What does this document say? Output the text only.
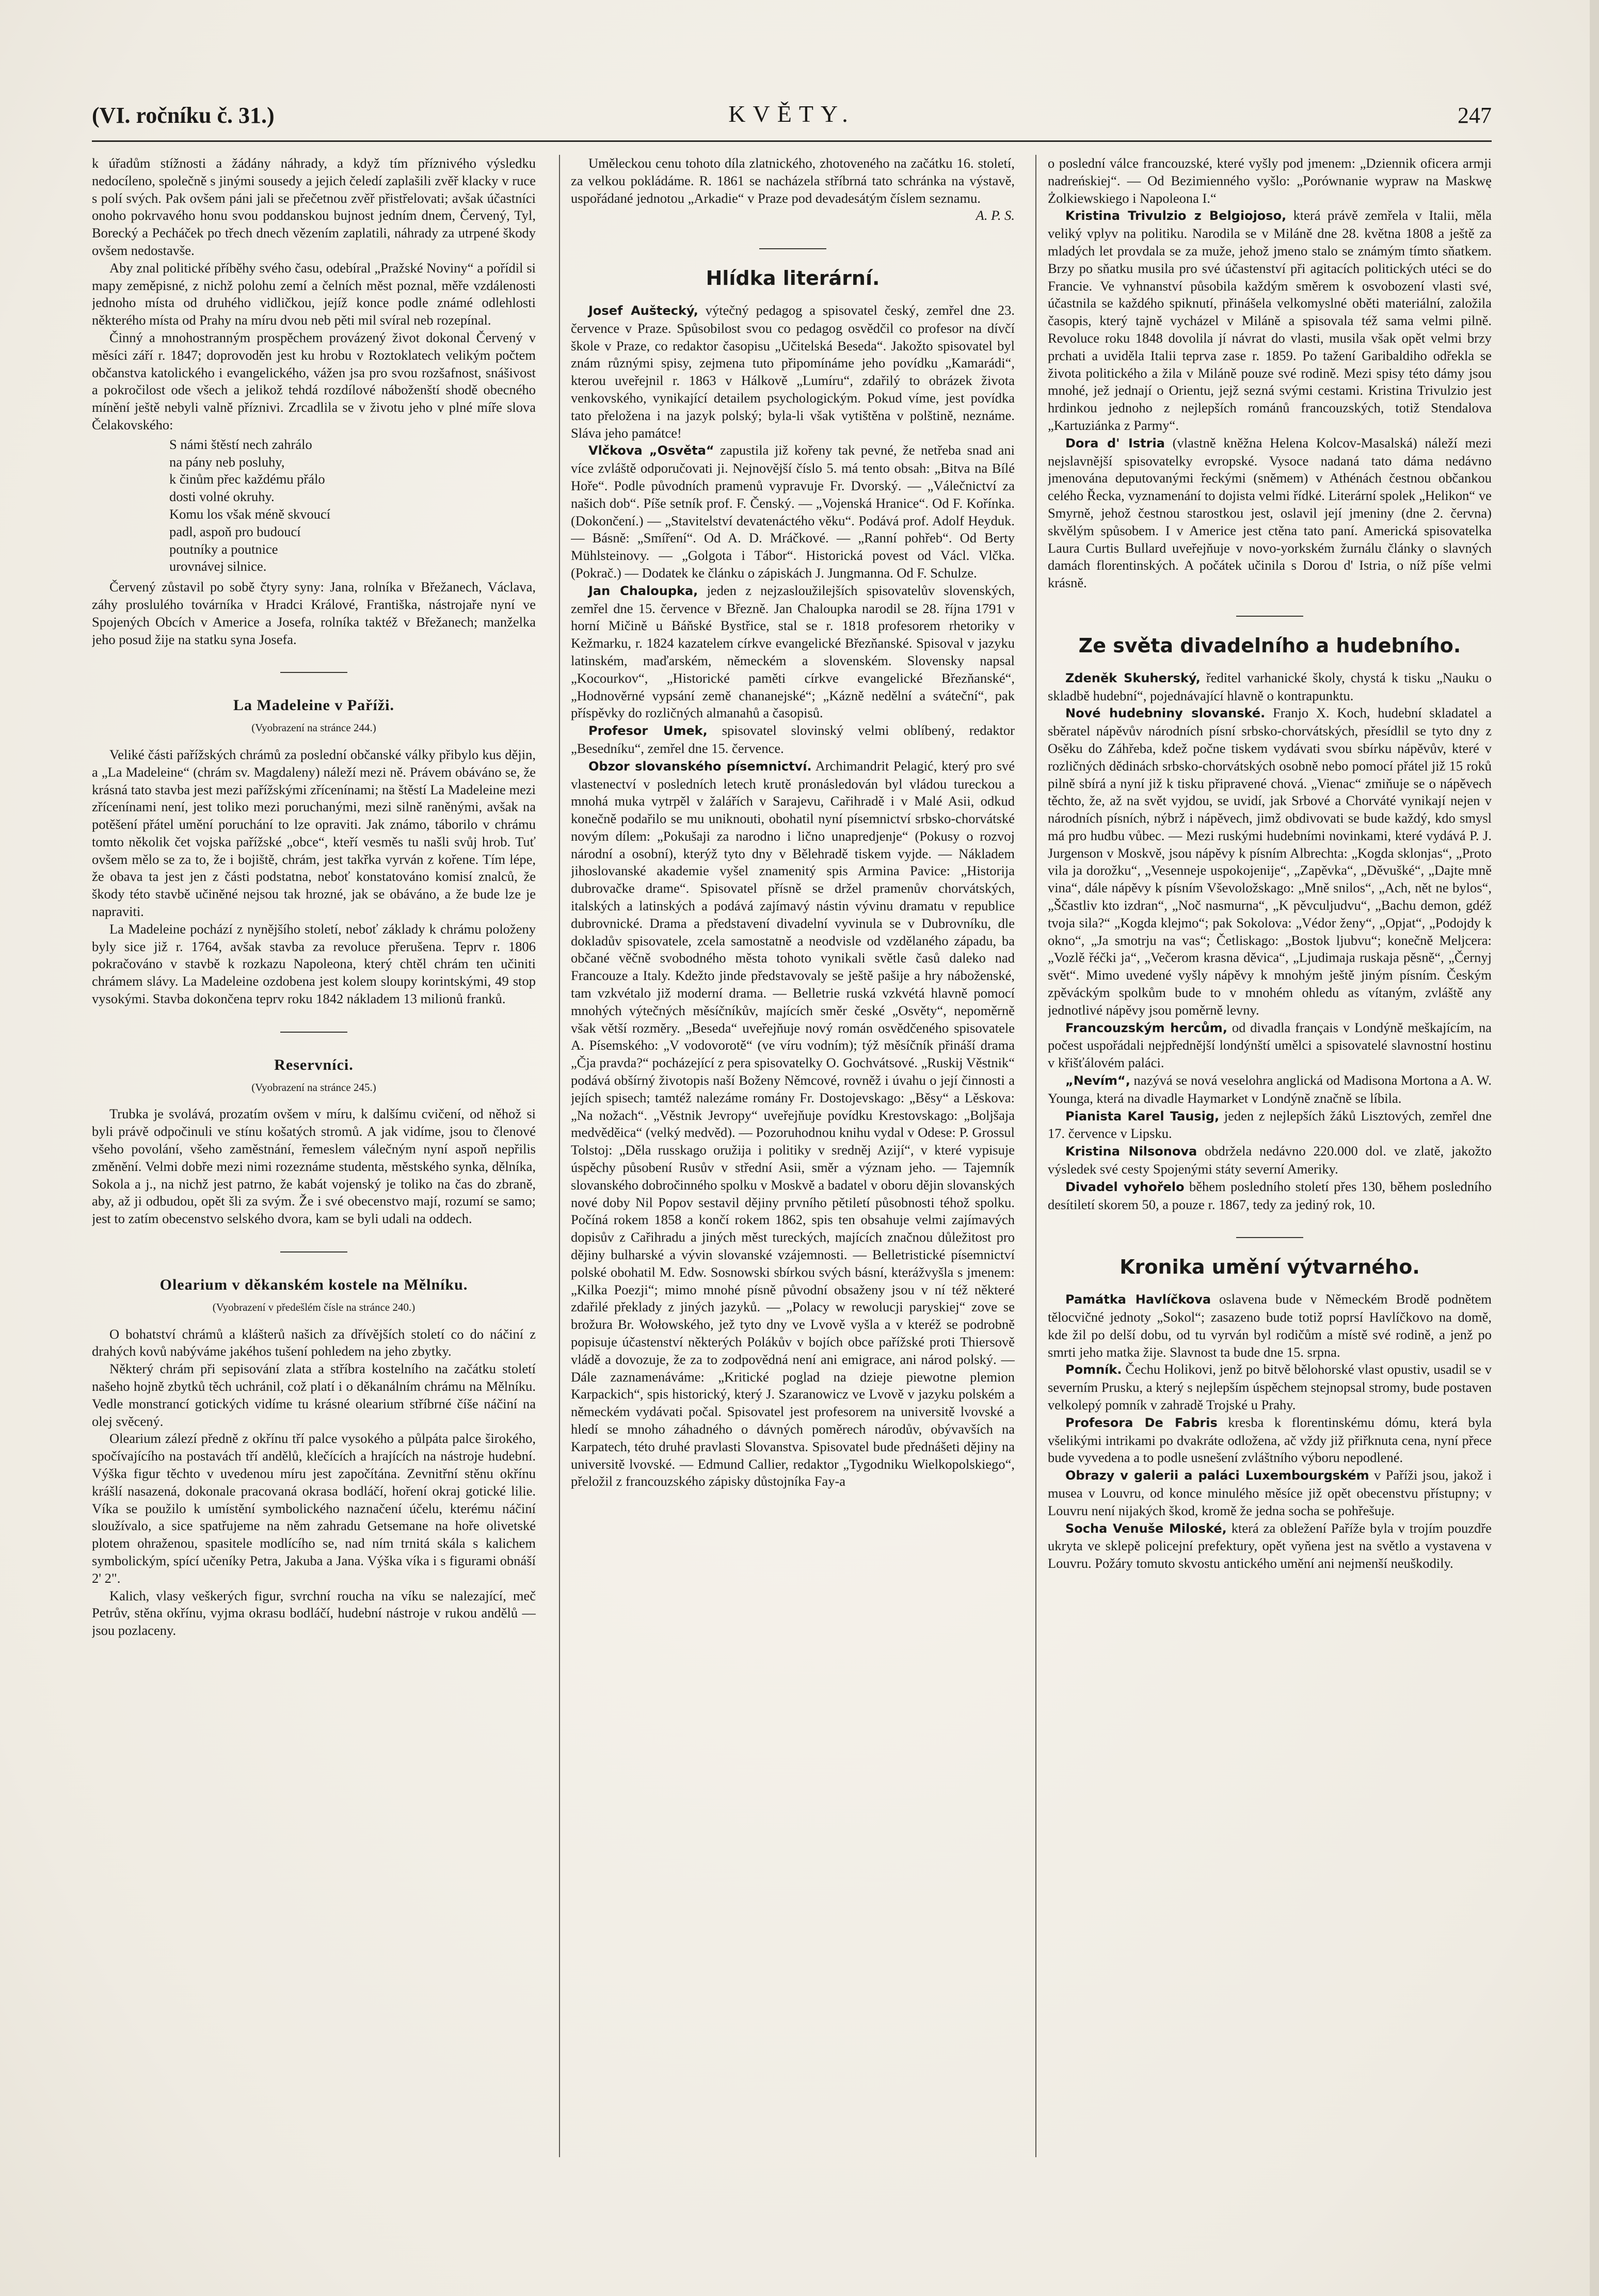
(VI. ročníku č. 31.)	KVĚTY.	247

k úřadům stížnosti a žádány náhrady, a když tím příznivého výsledku nedocíleno, společně s jinými sousedy a jejich čeledí zaplašili zvěř klacky v ruce s polí svých. Pak ovšem páni jali se přečetnou zvěř přistřelovati; avšak účastníci onoho pokrvavého honu svou poddanskou bujnost jedním dnem, Červený, Tyl, Borecký a Pecháček po třech dnech vězením zaplatili, náhrady za utrpené škody ovšem nedostavše.

Aby znal politické příběhy svého času, odebíral „Pražské Noviny“ a pořídil si mapy zeměpisné, z nichž polohu zemí a čelních měst poznal, měře vzdálenosti jednoho místa od druhého vidličkou, jejíž konce podle známé odlehlosti některého místa od Prahy na míru dvou neb pěti mil svíral neb rozepínal.

Činný a mnohostranným prospěchem provázený život dokonal Červený v měsíci září r. 1847; doprovoděn jest ku hrobu v Roztoklatech velikým počtem občanstva katolického i evangelického, vážen jsa pro svou rozšafnost, snášivost a pokročilost ode všech a jelikož tehdá rozdílové náboženští shodě obecného mínění ještě nebyli valně příznivi. Zrcadlila se v životu jeho v plné míře slova Čelakovského:

S námi štěstí nech zahrálo
na pány neb posluhy,
k činům přec každému přálo
dosti volné okruhy.
Komu los však méně skvoucí
padl, aspoň pro budoucí
poutníky a poutnice
urovnávej silnice.

Červený zůstavil po sobě čtyry syny: Jana, rolníka v Břežanech, Václava, záhy proslulého továrníka v Hradci Králové, Františka, nástrojaře nyní ve Spojených Obcích v Americe a Josefa, rolníka taktéž v Břežanech; manželka jeho posud žije na statku syna Josefa.

La Madeleine v Paříži.
(Vyobrazení na stránce 244.)

Veliké části pařížských chrámů za poslední občanské války přibylo kus dějin, a „La Madeleine“ (chrám sv. Magdaleny) náleží mezi ně. Právem obáváno se, že krásná tato stavba jest mezi pařížskými zřícenínami; na štěstí La Madeleine mezi zřícenínami není, jest toliko mezi poruchanými, mezi silně raněnými, avšak na potěšení přátel umění poruchání to lze opraviti. Jak známo, táborilo v chrámu tomto několik čet vojska pařížské „obce“, kteří vesměs tu našli svůj hrob. Tuť ovšem mělo se za to, že i bojiště, chrám, jest takřka vyrván z kořene. Tím lépe, že obava ta jest jen z části podstatna, neboť konstatováno komisí znalců, že škody této stavbě učiněné nejsou tak hrozné, jak se obáváno, a že bude lze je napraviti.

La Madeleine pochází z nynějšího století, neboť základy k chrámu položeny byly sice již r. 1764, avšak stavba za revoluce přerušena. Teprv r. 1806 pokračováno v stavbě k rozkazu Napoleona, který chtěl chrám ten učiniti chrámem slávy. La Madeleine ozdobena jest kolem sloupy korintskými, 49 stop vysokými. Stavba dokončena teprv roku 1842 nákladem 13 milionů franků.

Reservníci.
(Vyobrazení na stránce 245.)

Trubka je svolává, prozatím ovšem v míru, k dalšímu cvičení, od něhož si byli právě odpočinuli ve stínu košatých stromů. A jak vidíme, jsou to členové všeho povolání, všeho zaměstnání, řemeslem válečným nyní aspoň nepřilis změnění. Velmi dobře mezi nimi rozeznáme studenta, městského synka, dělníka, Sokola a j., na nichž jest patrno, že kabát vojenský je toliko na čas do zbraně, aby, až ji odbudou, opět šli za svým. Že i své obecenstvo mají, rozumí se samo; jest to zatím obecenstvo selského dvora, kam se byli udali na oddech.

Olearium v děkanském kostele na Mělníku.
(Vyobrazení v předešlém čísle na stránce 240.)

O bohatství chrámů a klášterů našich za dřívějších století co do náčiní z drahých kovů nabýváme jakéhos tušení pohledem na jeho zbytky.

Některý chrám při sepisování zlata a stříbra kostelního na začátku století našeho hojně zbytků těch uchránil, což platí i o děkanálním chrámu na Mělníku. Vedle monstrancí gotických vidíme tu krásné olearium stříbrné číše náčiní na olej svěcený.

Olearium zálezí předně z okřínu tří palce vysokého a půlpáta palce širokého, spočívajícího na postavách tří andělů, klečících a hrajících na nástroje hudební. Výška figur těchto v uvedenou míru jest započítána. Zevnitřní stěnu okřínu krášlí nasazená, dokonale pracovaná okrasa bodláčí, hoření okraj gotické lilie. Víka se použilo k umístění symbolického naznačení účelu, kterému náčiní sloužívalo, a sice spatřujeme na něm zahradu Getsemane na hoře olivetské plotem ohraženou, spasitele modlícího se, nad ním trnitá skála s kalichem symbolickým, spící učeníky Petra, Jakuba a Jana. Výška víka i s figurami obnáší 2' 2".

Kalich, vlasy veškerých figur, svrchní roucha na víku se nalezající, meč Petrův, stěna okřínu, vyjma okrasu bodláčí, hudební nástroje v rukou andělů — jsou pozlaceny.

Uměleckou cenu tohoto díla zlatnického, zhotoveného na začátku 16. století, za velkou pokládáme. R. 1861 se nacházela stříbrná tato schránka na výstavě, uspořádané jednotou „Arkadie“ v Praze pod devadesátým číslem seznamu.

A. P. S.
Hlídka literární.

Josef Auštecký, výtečný pedagog a spisovatel český, zemřel dne 23. července v Praze. Spůsobilost svou co pedagog osvědčil co profesor na dívčí škole v Praze, co redaktor časopisu „Učitelská Beseda“. Jakožto spisovatel byl znám různými spisy, zejmena tuto připomínáme jeho povídku „Kamarádi“, kterou uveřejnil r. 1863 v Hálkově „Lumíru“, zdařilý to obrázek života venkovského, vynikající detailem psychologickým. Pokud víme, jest povídka tato přeložena i na jazyk polský; byla-li však vytištěna v polštině, neznáme. Sláva jeho památce!

Vlčkova „Osvěta“ zapustila již kořeny tak pevné, že netřeba snad ani více zvláště odporučovati ji. Nejnovější číslo 5. má tento obsah: „Bitva na Bílé Hoře“. Podle původních pramenů vypravuje Fr. Dvorský. — „Válečnictví za našich dob“. Píše setník prof. F. Čenský. — „Vojenská Hranice“. Od F. Kořínka. (Dokončení.) — „Stavitelství devatenáctého věku“. Podává prof. Adolf Heyduk. — Básně: „Smíření“. Od A. D. Mráčkové. — „Ranní pohřeb“. Od Berty Mühlsteinovy. — „Golgota i Tábor“. Historická povest od Václ. Vlčka. (Pokrač.) — Dodatek ke článku o zápiskách J. Jungmanna. Od F. Schulze.

Jan Chaloupka, jeden z nejzasloužilejších spisovatelův slovenských, zemřel dne 15. července v Březně. Jan Chaloupka narodil se 28. října 1791 v horní Mičině u Báňské Bystřice, stal se r. 1818 profesorem rhetoriky v Kežmarku, r. 1824 kazatelem církve evangelické Březňanské. Spisoval v jazyku latinském, maďarském, německém a slovenském. Slovensky napsal „Kocourkov“, „Historické paměti církve evangelické Březňanské“, „Hodnověrné vypsání země chananejské“; „Kázně nedělní a sváteční“, pak příspěvky do rozličných almanahů a časopisů.

Profesor Umek, spisovatel slovinský velmi oblíbený, redaktor „Besedníku“, zemřel dne 15. července.

Obzor slovanského písemnictví. Archimandrit Pelagić, který pro své vlastenectví v posledních letech krutě pronásledován byl vládou tureckou a mnohá muka vytrpěl v žalářích v Sarajevu, Cařihradě i v Malé Asii, odkud konečně podařilo se mu uniknouti, obohatil nyní písemnictví srbsko-chorvátské novým dílem: „Pokušaji za narodno i lično unapredjenje“ (Pokusy o rozvoj národní a osobní), kterýž tyto dny v Bělehradě tiskem vyjde. — Nákladem jihoslovanské akademie vyšel znamenitý spis Armina Pavice: „Historija dubrovačke drame“. Spisovatel přísně se držel pramenův chorvátských, italských a latinských a podává zajímavý nástin vývinu dramatu v republice dubrovnické. Drama a představení divadelní vyvinula se v Dubrovníku, dle dokladův spisovatele, zcela samostatně a neodvisle od vzdělaného západu, ba občané věčně svobodného města tohoto vynikali světle časů daleko nad Francouze a Italy. Kdežto jinde představovaly se ještě pašije a hry náboženské, tam vzkvétalo již moderní drama. — Belletrie ruská vzkvétá hlavně pomocí mnohých výtečných měsíčníkův, majících směr české „Osvěty“, nepoměrně však větší rozměry. „Beseda“ uveřejňuje nový román osvědčeného spisovatele A. Písemského: „V vodovorotě“ (ve víru vodním); týž měsíčník přináší drama „Čja pravda?“ pocházející z pera spisovatelky O. Gochvátsové. „Ruskij Věstnik“ podává obšírný životopis naší Boženy Němcové, rovněž i úvahu o její činnosti a jejích spisech; tamtéž nalezáme romány Fr. Dostojevskago: „Běsy“ a Lěskova: „Na nožach“. „Věstnik Jevropy“ uveřejňuje povídku Krestovskago: „Boljšaja medvěděica“ (velký medvěd). — Pozoruhodnou knihu vydal v Odese: P. Grossul Tolstoj: „Děla russkago oružija i politiky v sredněj Azijí“, v které vypisuje úspěchy působení Rusův v střední Asii, směr a význam jeho. — Tajemník slovanského dobročinného spolku v Moskvě a badatel v oboru dějin slovanských nové doby Nil Popov sestavil dějiny prvního pětiletí působnosti téhož spolku. Počíná rokem 1858 a končí rokem 1862, spis ten obsahuje velmi zajímavých dopisův z Cařihradu a jiných měst tureckých, majících značnou důležitost pro dějiny bulharské a vývin slovanské vzájemnosti. — Belletristické písemnictví polské obohatil M. Edw. Sosnowski sbírkou svých básní, kterážvyšla s jmenem: „Kilka Poezji“; mimo mnohé písně původní obsaženy jsou v ní též některé zdařilé překlady z jiných jazyků. — „Polacy w rewolucji paryskiej“ zove se brožura Br. Wołowského, jež tyto dny ve Lvově vyšla a v kteréž se podrobně popisuje účastenství některých Polákův v bojích obce pařížské proti Thiersově vládě a dovozuje, že za to zodpovědná není ani emigrace, ani národ polský. — Dále zaznamenáváme: „Kritické poglad na dzieje piewotne plemion Karpackich“, spis historický, který J. Szaranowicz ve Lvově v jazyku polském a německém vydávati počal. Spisovatel jest profesorem na universitě lvovské a hledí se mnoho záhadného o dávných poměrech národův, obývavších na Karpatech, této druhé pravlasti Slovanstva. Spisovatel bude přednášeti dějiny na universitě lvovské. — Edmund Callier, redaktor „Tygodniku Wielkopolskiego“, přeložil z francouzského zápisky důstojníka Fay-a

o poslední válce francouzské, které vyšly pod jmenem: „Dziennik oficera armji nadreńskiej“. — Od Bezimienného vyšlo: „Porównanie wypraw na Maskwę Żolkiewskiego i Napoleona I.“

Kristina Trivulzio z Belgiojoso, která právě zemřela v Italii, měla veliký vplyv na politiku. Narodila se v Miláně dne 28. května 1808 a ještě za mladých let provdala se za muže, jehož jmeno stalo se známým tímto sňatkem. Brzy po sňatku musila pro své účastenství při agitacích politických utéci se do Francie. Ve vyhnanství působila každým směrem k osvobození vlasti své, účastnila se každého spiknutí, přinášela velkomyslné oběti materiální, založila časopis, který tajně vycházel v Miláně a spisovala též sama velmi pilně. Revoluce roku 1848 dovolila jí návrat do vlasti, musila však opět velmi brzy prchati a uviděla Italii teprva zase r. 1859. Po tažení Garibaldiho odřekla se života politického a žila v Miláně pouze své rodině. Mezi spisy této dámy jsou mnohé, jež jednají o Orientu, jejž sezná svými cestami. Kristina Trivulzio jest hrdinkou jednoho z nejlepších románů francouzských, totiž Stendalova „Kartuziánka z Parmy“.

Dora d' Istria (vlastně kněžna Helena Kolcov-Masalská) náleží mezi nejslavnější spisovatelky evropské. Vysoce nadaná tato dáma nedávno jmenována deputovanými řeckými (sněmem) v Athénách čestnou občankou celého Řecka, vyznamenání to dojista velmi řídké. Literární spolek „Helikon“ ve Smyrně, jehož čestnou starostkou jest, oslavil její jmeniny (dne 2. června) skvělým spůsobem. I v Americe jest ctěna tato paní. Americká spisovatelka Laura Curtis Bullard uveřejňuje v novo-yorkském žurnálu články o slavných damách florentinských. A počátek učinila s Dorou d' Istria, o níž píše velmi krásně.

Ze světa divadelního a hudebního.

Zdeněk Skuherský, ředitel varhanické školy, chystá k tisku „Nauku o skladbě hudební“, pojednávající hlavně o kontrapunktu.

Nové hudebniny slovanské. Franjo X. Koch, hudební skladatel a sběratel nápěvův národních písní srbsko-chorvátských, přesídlil se tyto dny z Osěku do Záhřeba, kdež počne tiskem vydávati svou sbírku nápěvův, které v rozličných dědinách srbsko-chorvátských osobně nebo pomocí přátel již 15 roků pilně sbírá a nyní již k tisku připravené chová. „Vienac“ zmiňuje se o nápěvech těchto, že, až na svět vyjdou, se uvidí, jak Srbové a Chorváté vynikají nejen v národních písních, nýbrž i nápěvech, jimž obdivovati se bude každý, kdo smysl má pro hudbu vůbec. — Mezi ruskými hudebními novinkami, které vydává P. J. Jurgenson v Moskvě, jsou nápěvy k písním Albrechta: „Kogda sklonjas“, „Proto vila ja dorožku“, „Vesenneje uspokojenije“, „Zapěvka“, „Děvušké“, „Dajte mně vina“, dále nápěvy k písním Vševoložskago: „Mně snilos“, „Ach, nět ne bylos“, „Ščastliv kto izdran“, „Noč nasmurna“, „K pěvculjudvu“, „Bachu demon, gdéž tvoja sila?“ „Kogda klejmo“; pak Sokolova: „Védor ženy“, „Opjat“, „Podojdy k okno“, „Ja smotrju na vas“; Četliskago: „Bostok ljubvu“; konečně Meljcera: „Vozlě řéčki ja“, „Večerom krasna děvica“, „Ljudimaja ruskaja pěsně“, „Černyj svět“. Mimo uvedené vyšly nápěvy k mnohým ještě jiným písním. Českým zpěváckým spolkům bude to v mnohém ohledu as vítaným, zvláště any jednotlivé nápěvy jsou poměrně levny.

Francouzským hercům, od divadla français v Londýně meškajícím, na počest uspořádali nejpřednější londýnští umělci a spisovatelé slavnostní hostinu v křišťálovém paláci.

„Nevím“, nazývá se nová veselohra anglická od Madisona Mortona a A. W. Younga, která na divadle Haymarket v Londýně značně se líbila.

Pianista Karel Tausig, jeden z nejlepších žáků Lisztových, zemřel dne 17. července v Lipsku.

Kristina Nilsonova obdržela nedávno 220.000 dol. ve zlatě, jakožto výsledek své cesty Spojenými státy severní Ameriky.

Divadel vyhořelo během posledního století přes 130, během posledního desítiletí skorem 50, a pouze r. 1867, tedy za jediný rok, 10.

Kronika umění výtvarného.

Památka Havlíčkova oslavena bude v Německém Brodě podnětem tělocvičné jednoty „Sokol“; zasazeno bude totiž poprsí Havlíčkovo na domě, kde žil po delší dobu, od tu vyrván byl rodičům a místě své rodině, a jenž po smrti jeho matka žije. Slavnost ta bude dne 15. srpna.

Pomník. Čechu Holikovi, jenž po bitvě bělohorské vlast opustiv, usadil se v severním Prusku, a který s nejlepším úspěchem stejnopsal stromy, bude postaven velkolepý pomník v zahradě Trojské u Prahy.

Profesora De Fabris kresba k florentinskému dómu, která byla všelikými intrikami po dvakráte odložena, ač vždy již přiřknuta cena, nyní přece bude vyvedena a to podle usnešení zvláštního výboru nepodlené.

Obrazy v galerii a paláci Luxembourgském v Paříži jsou, jakož i musea v Louvru, od konce minulého měsíce již opět obecenstvu přístupny; v Louvru není nijakých škod, kromě že jedna socha se pohřešuje.

Socha Venuše Miloské, která za obležení Paříže byla v trojím pouzdře ukryta ve sklepě policejní prefektury, opět vyňena jest na světlo a vystavena v Louvru. Požáry tomuto skvostu antického umění ani nejmenší neuškodily.
